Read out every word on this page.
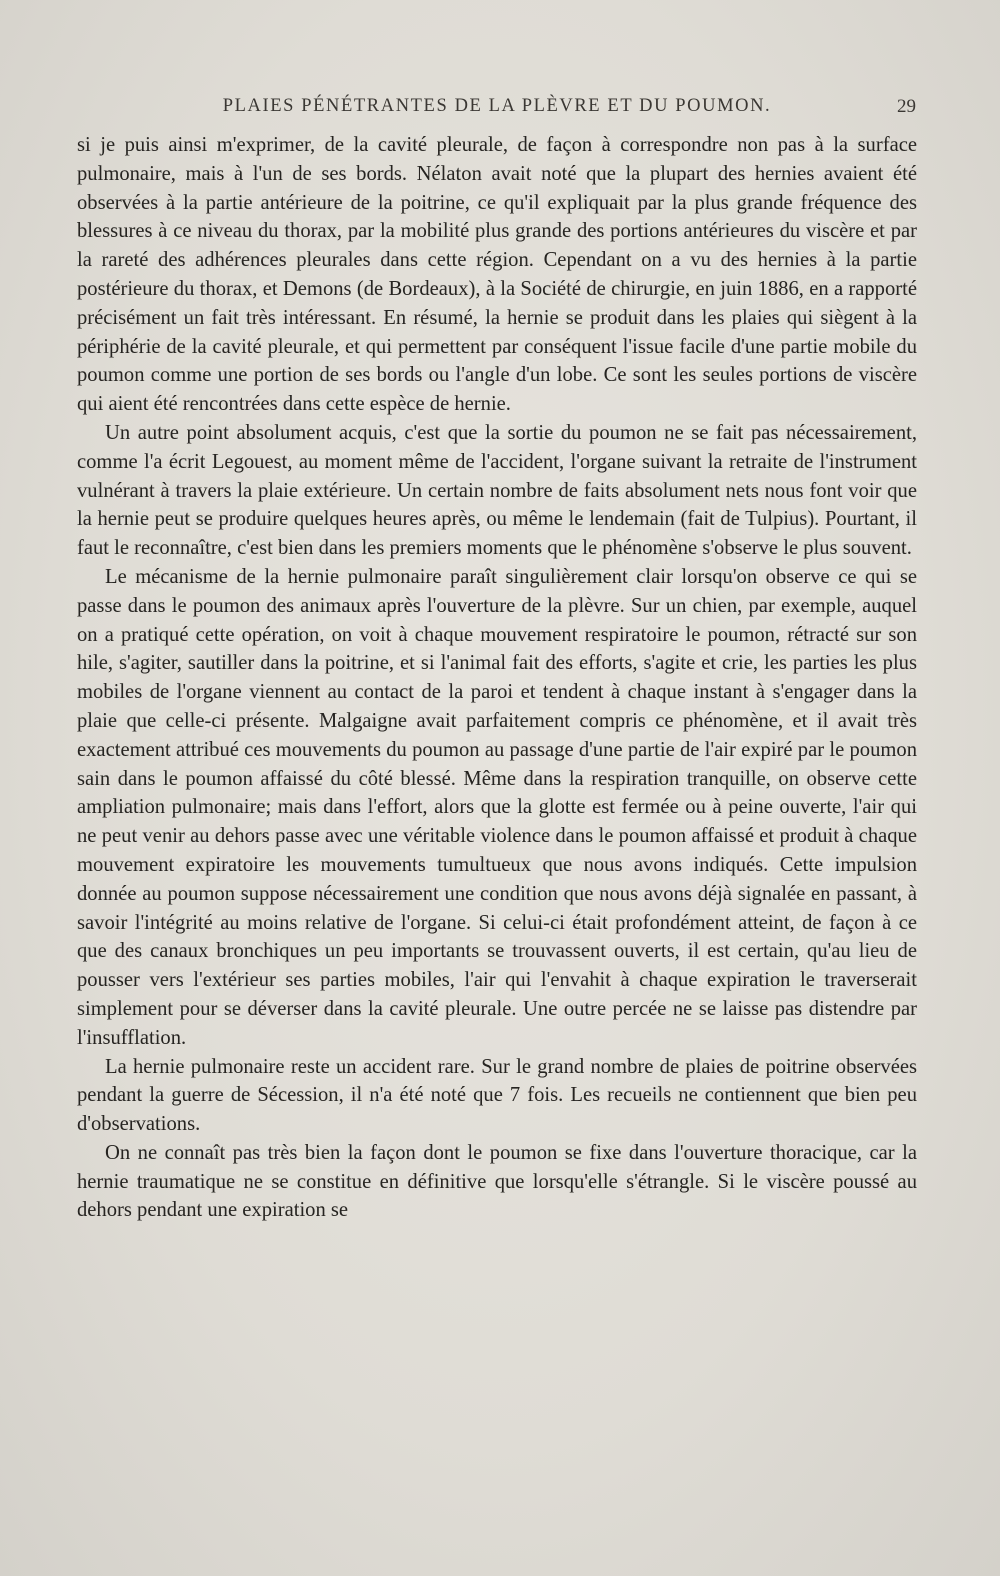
PLAIES PÉNÉTRANTES DE LA PLÈVRE ET DU POUMON.	29

si je puis ainsi m'exprimer, de la cavité pleurale, de façon à correspondre non pas à la surface pulmonaire, mais à l'un de ses bords. Nélaton avait noté que la plupart des hernies avaient été observées à la partie antérieure de la poitrine, ce qu'il expliquait par la plus grande fréquence des blessures à ce niveau du thorax, par la mobilité plus grande des portions antérieures du viscère et par la rareté des adhérences pleurales dans cette région. Cependant on a vu des hernies à la partie postérieure du thorax, et Demons (de Bordeaux), à la Société de chirurgie, en juin 1886, en a rapporté précisément un fait très intéressant. En résumé, la hernie se produit dans les plaies qui siègent à la périphérie de la cavité pleurale, et qui permettent par conséquent l'issue facile d'une partie mobile du poumon comme une portion de ses bords ou l'angle d'un lobe. Ce sont les seules portions de viscère qui aient été rencontrées dans cette espèce de hernie.

Un autre point absolument acquis, c'est que la sortie du poumon ne se fait pas nécessairement, comme l'a écrit Legouest, au moment même de l'accident, l'organe suivant la retraite de l'instrument vulnérant à travers la plaie extérieure. Un certain nombre de faits absolument nets nous font voir que la hernie peut se produire quelques heures après, ou même le lendemain (fait de Tulpius). Pourtant, il faut le reconnaître, c'est bien dans les premiers moments que le phénomène s'observe le plus souvent.

Le mécanisme de la hernie pulmonaire paraît singulièrement clair lorsqu'on observe ce qui se passe dans le poumon des animaux après l'ouverture de la plèvre. Sur un chien, par exemple, auquel on a pratiqué cette opération, on voit à chaque mouvement respiratoire le poumon, rétracté sur son hile, s'agiter, sautiller dans la poitrine, et si l'animal fait des efforts, s'agite et crie, les parties les plus mobiles de l'organe viennent au contact de la paroi et tendent à chaque instant à s'engager dans la plaie que celle-ci présente. Malgaigne avait parfaitement compris ce phénomène, et il avait très exactement attribué ces mouvements du poumon au passage d'une partie de l'air expiré par le poumon sain dans le poumon affaissé du côté blessé. Même dans la respiration tranquille, on observe cette ampliation pulmonaire; mais dans l'effort, alors que la glotte est fermée ou à peine ouverte, l'air qui ne peut venir au dehors passe avec une véritable violence dans le poumon affaissé et produit à chaque mouvement expiratoire les mouvements tumultueux que nous avons indiqués. Cette impulsion donnée au poumon suppose nécessairement une condition que nous avons déjà signalée en passant, à savoir l'intégrité au moins relative de l'organe. Si celui-ci était profondément atteint, de façon à ce que des canaux bronchiques un peu importants se trouvassent ouverts, il est certain, qu'au lieu de pousser vers l'extérieur ses parties mobiles, l'air qui l'envahit à chaque expiration le traverserait simplement pour se déverser dans la cavité pleurale. Une outre percée ne se laisse pas distendre par l'insufflation.

La hernie pulmonaire reste un accident rare. Sur le grand nombre de plaies de poitrine observées pendant la guerre de Sécession, il n'a été noté que 7 fois. Les recueils ne contiennent que bien peu d'observations.

On ne connaît pas très bien la façon dont le poumon se fixe dans l'ouverture thoracique, car la hernie traumatique ne se constitue en définitive que lorsqu'elle s'étrangle. Si le viscère poussé au dehors pendant une expiration se
